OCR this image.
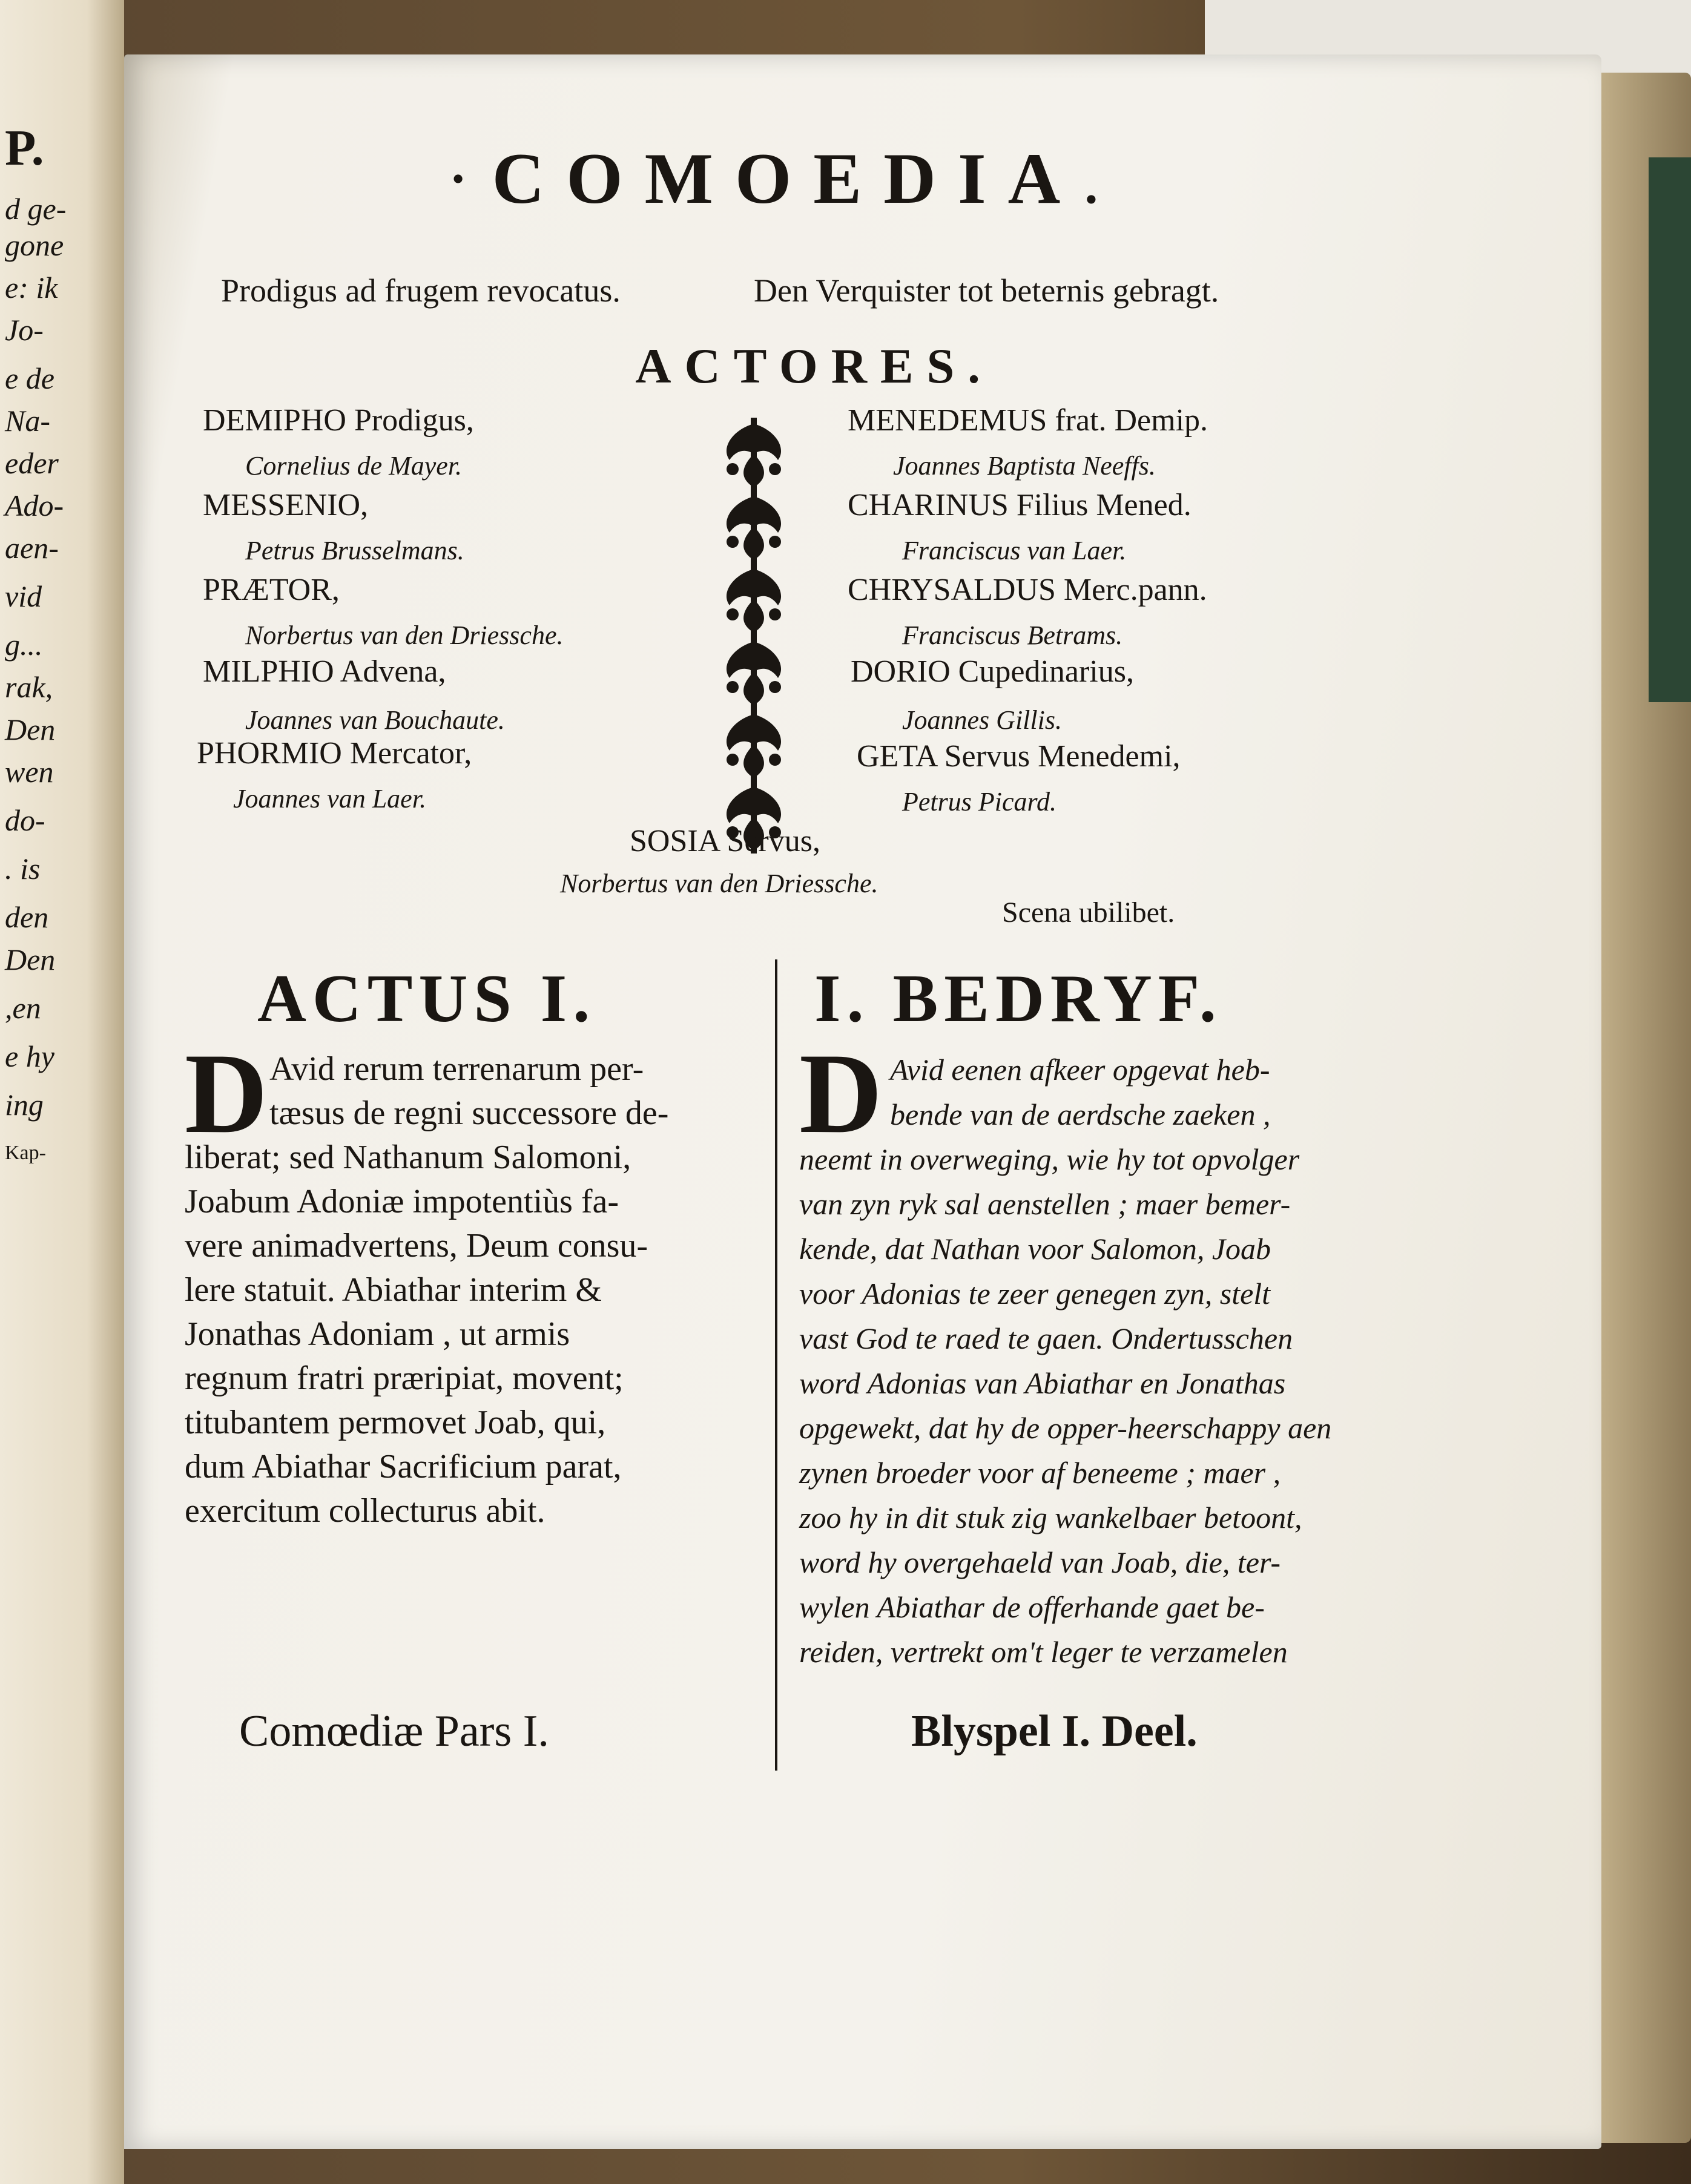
P.
d ge-
gone
e: ik
Jo-
e de
Na-
eder
Ado-
aen-
vid
g...
rak,
Den
wen
do-
. is
den
Den
,en
e hy
ing
Kap-
·COMOEDIA.
Prodigus ad frugem revocatus.	Den Verquister tot beternis gebragt.
ACTORES.
DEMIPHO Prodigus,
Cornelius de Mayer.
MESSENIO,
Petrus Brusselmans.
PRÆTOR,
Norbertus van den Driessche.
MILPHIO Advena,
Joannes van Bouchaute.
PHORMIO Mercator,
Joannes van Laer.
MENEDEMUS frat. Demip.
Joannes Baptista Neeffs.
CHARINUS Filius Mened.
Franciscus van Laer.
CHRYSALDUS Merc.pann.
Franciscus Betrams.
DORIO Cupedinarius,
Joannes Gillis.
GETA Servus Menedemi,
Petrus Picard.
SOSIA Servus,
Norbertus van den Driessche.
Scena ubilibet.
ACTUS I.	I. BEDRYF.
D Avid rerum terrenarum per-
tæsus de regni successore de-
liberat; sed Nathanum Salomoni,
Joabum Adoniæ impotentiùs fa-
vere animadvertens, Deum consu-
lere statuit. Abiathar interim &
Jonathas Adoniam , ut armis
regnum fratri præripiat, movent;
titubantem permovet Joab, qui,
dum Abiathar Sacrificium parat,
exercitum collecturus abit.
D Avid eenen afkeer opgevat heb-
bende van de aerdsche zaeken ,
neemt in overweging, wie hy tot opvolger
van zyn ryk sal aenstellen ; maer bemer-
kende, dat Nathan voor Salomon, Joab
voor Adonias te zeer genegen zyn, stelt
vast God te raed te gaen. Ondertusschen
word Adonias van Abiathar en Jonathas
opgewekt, dat hy de opper-heerschappy aen
zynen broeder voor af beneeme ; maer ,
zoo hy in dit stuk zig wankelbaer betoont,
word hy overgehaeld van Joab, die, ter-
wylen Abiathar de offerhande gaet be-
reiden, vertrekt om't leger te verzamelen
Comœdiæ Pars I.	Blyspel I. Deel.
